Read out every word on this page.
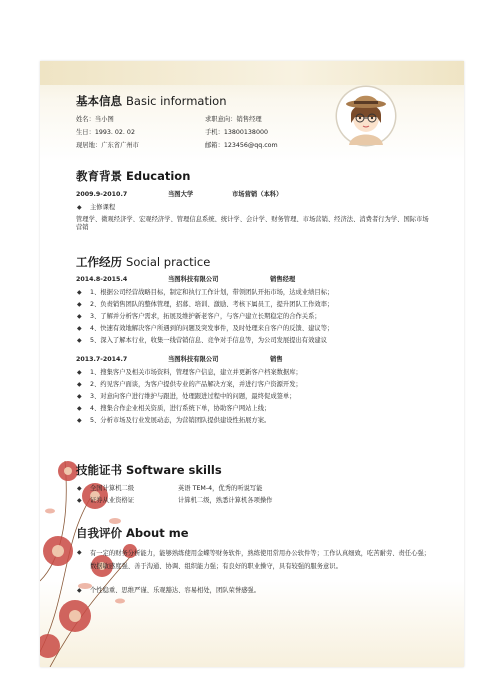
基本信息 Basic information
姓名：当小图	求职意向：销售经理
生日：1993. 02. 02	手机：13800138000
现居地：广东省广州市	邮箱：123456@qq.com
教育背景 Education
2009.9-2010.7	当图大学	市场营销（本科）
◆ 主修课程
管理学、微观经济学、宏观经济学、管理信息系统、统计学、会计学、财务管理、市场营销、经济法、消费者行为学、国际市场营销
工作经历 Social practice
2014.8-2015.4	当图科技有限公司	销售经理
◆ 1、根据公司经营战略目标，制定和执行工作计划，带领团队开拓市场，达成业绩目标；
◆ 2、负责销售团队的整体管理，招募、培训、激励、考核下属员工，提升团队工作效率；
◆ 3、了解并分析客户需求，拓展及维护新老客户，与客户建立长期稳定的合作关系；
◆ 4、快速有效地解决客户所遇到的问题及突发事件，及时处理来自客户的反馈、建议等；
◆ 5、深入了解本行业，收集一线营销信息、竞争对手信息等，为公司发展提出有效建议
2013.7-2014.7	当图科技有限公司	销售
◆ 1、搜集客户及相关市场资料，管理客户信息，建立并更新客户档案数据库；
◆ 2、约见客户面谈，为客户提供专业的产品解决方案，并进行客户资源开发；
◆ 3、对意向客户进行维护与跟进，处理跟进过程中的问题，最终促成签单；
◆ 4、搜集合作企业相关资质，进行系统下单，协助客户网站上线；
◆ 5、分析市场及行业发展动态，为营销团队提供建设性拓展方案。
技能证书 Software skills
◆ 全国计算机二级	英语 TEM-4，优秀的听说写能
◆ 证券从业资格证	计算机二级，熟悉计算机各项操作
自我评价 About me
◆ 有一定的财务分析能力，能够熟练使用金蝶等财务软件，熟练使用常用办公软件等；工作认真细致，吃苦耐劳、责任心强；数据敏感度强、善于沟通、协调、组织能力强；有良好的职业操守，具有较强的服务意识。
◆ 个性稳重、思维严谨、乐观豁达、容易相处，团队荣誉感强。
